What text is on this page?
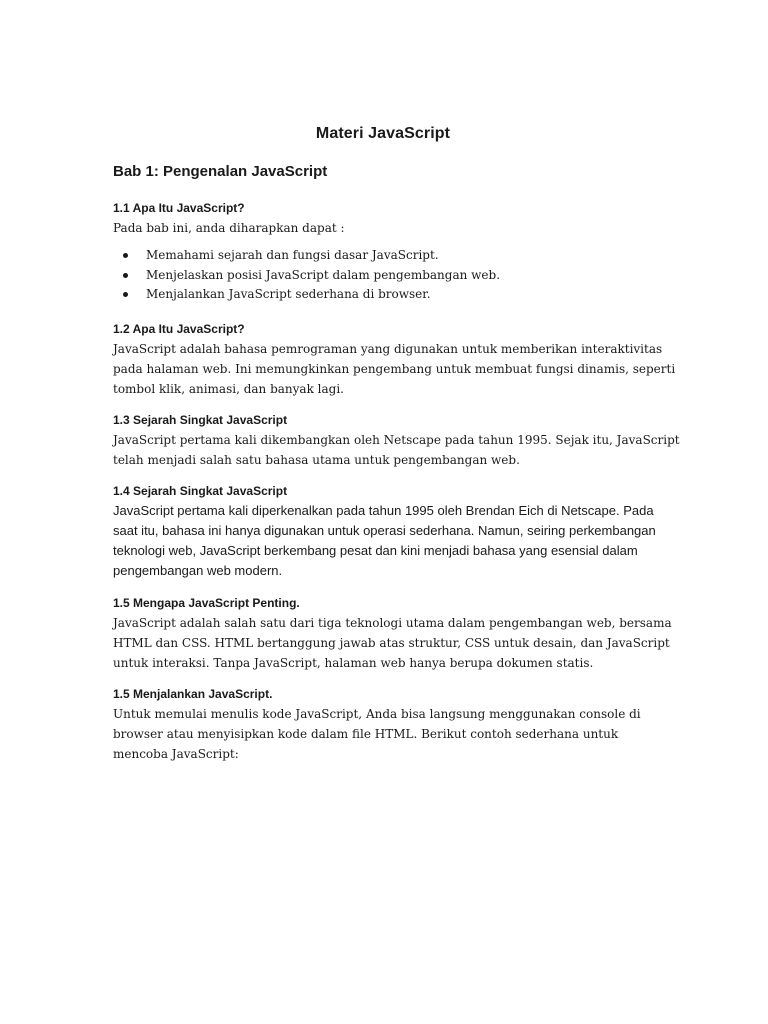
Materi JavaScript
Bab 1: Pengenalan JavaScript
1.1 Apa Itu JavaScript?

Pada bab ini, anda diharapkan dapat :

Memahami sejarah dan fungsi dasar JavaScript.
Menjelaskan posisi JavaScript dalam pengembangan web.
Menjalankan JavaScript sederhana di browser.
1.2 Apa Itu JavaScript?

JavaScript adalah bahasa pemrograman yang digunakan untuk memberikan interaktivitas

pada halaman web. Ini memungkinkan pengembang untuk membuat fungsi dinamis, seperti

tombol klik, animasi, dan banyak lagi.

1.3 Sejarah Singkat JavaScript

JavaScript pertama kali dikembangkan oleh Netscape pada tahun 1995. Sejak itu, JavaScript

telah menjadi salah satu bahasa utama untuk pengembangan web.

1.4 Sejarah Singkat JavaScript

JavaScript pertama kali diperkenalkan pada tahun 1995 oleh Brendan Eich di Netscape. Pada

saat itu, bahasa ini hanya digunakan untuk operasi sederhana. Namun, seiring perkembangan

teknologi web, JavaScript berkembang pesat dan kini menjadi bahasa yang esensial dalam

pengembangan web modern.

1.5 Mengapa JavaScript Penting.

JavaScript adalah salah satu dari tiga teknologi utama dalam pengembangan web, bersama

HTML dan CSS. HTML bertanggung jawab atas struktur, CSS untuk desain, dan JavaScript

untuk interaksi. Tanpa JavaScript, halaman web hanya berupa dokumen statis.

1.5 Menjalankan JavaScript.

Untuk memulai menulis kode JavaScript, Anda bisa langsung menggunakan console di

browser atau menyisipkan kode dalam file HTML. Berikut contoh sederhana untuk

mencoba JavaScript:
